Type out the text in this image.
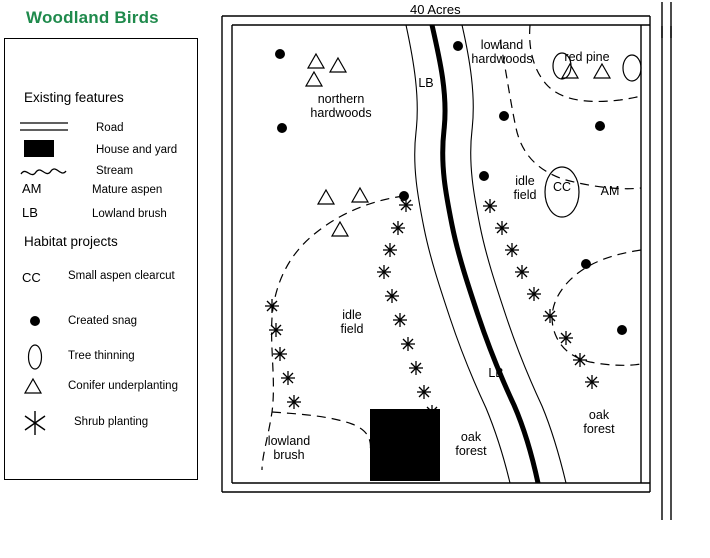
Woodland Birds	40 Acres
Existing features
Road
House and yard
Stream
AM	Mature aspen
LB	Lowland brush
Habitat projects
CC Small aspen clearcut
Created snag
Tree thinning
Conifer underplanting
Shrub planting
lowland hardwoods	red pine
LB
northern hardwoods
idle field
CC	AM
idle field
LB
oak forest
lowland brush
oak forest
